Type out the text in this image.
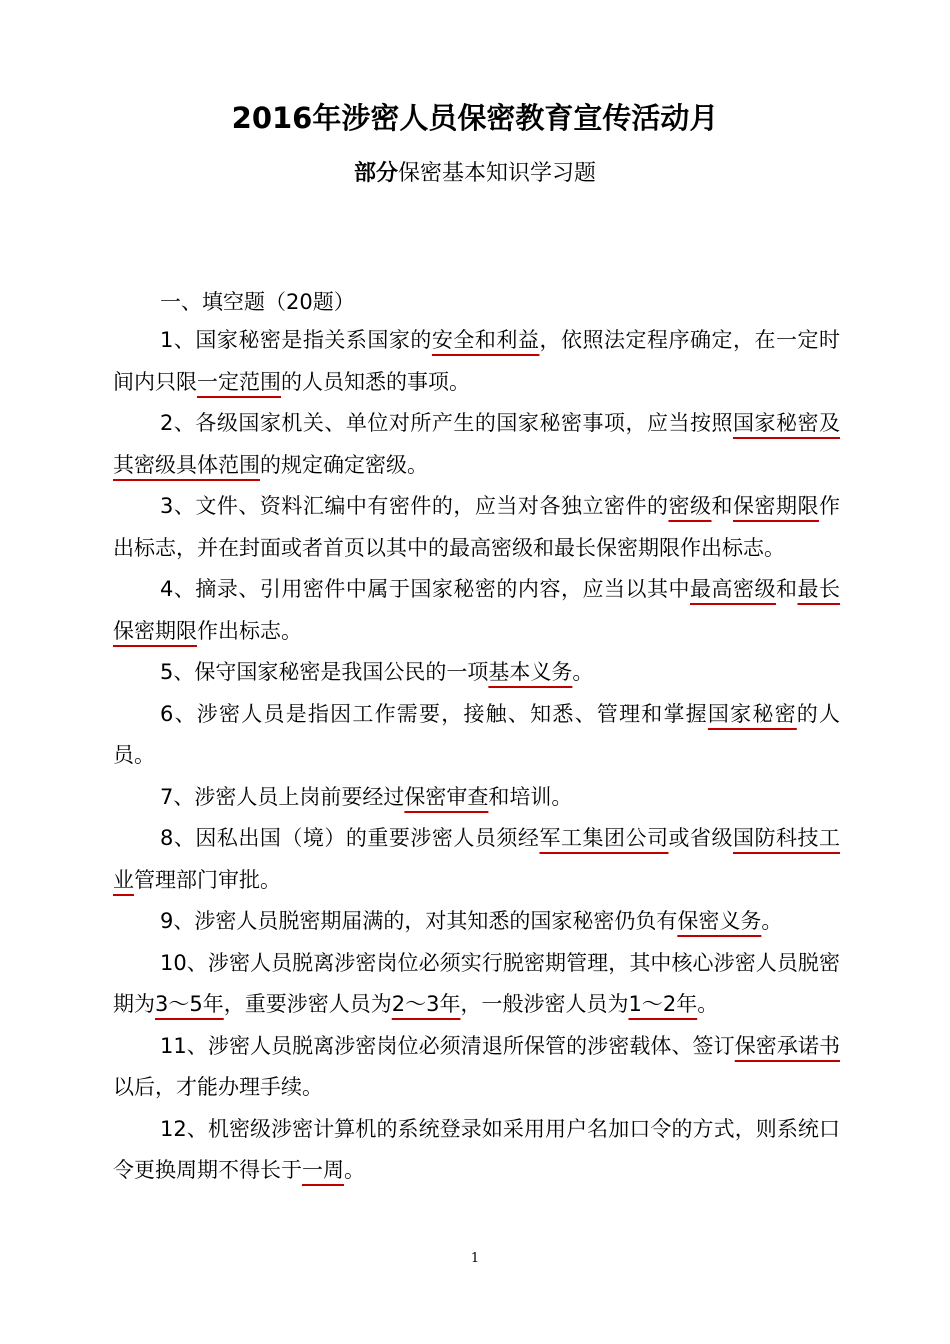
2016年涉密人员保密教育宣传活动月
部分保密基本知识学习题
一、填空题（20题）

1、国家秘密是指关系国家的安全和利益，依照法定程序确定，在一定时间内只限一定范围的人员知悉的事项。

2、各级国家机关、单位对所产生的国家秘密事项，应当按照国家秘密及其密级具体范围的规定确定密级。

3、文件、资料汇编中有密件的，应当对各独立密件的密级和保密期限作出标志，并在封面或者首页以其中的最高密级和最长保密期限作出标志。

4、摘录、引用密件中属于国家秘密的内容，应当以其中最高密级和最长保密期限作出标志。

5、保守国家秘密是我国公民的一项基本义务。

6、涉密人员是指因工作需要，接触、知悉、管理和掌握国家秘密的人员。

7、涉密人员上岗前要经过保密审查和培训。

8、因私出国（境）的重要涉密人员须经军工集团公司或省级国防科技工业管理部门审批。

9、涉密人员脱密期届满的，对其知悉的国家秘密仍负有保密义务。

10、涉密人员脱离涉密岗位必须实行脱密期管理，其中核心涉密人员脱密期为3～5年，重要涉密人员为2～3年，一般涉密人员为1～2年。

11、涉密人员脱离涉密岗位必须清退所保管的涉密载体、签订保密承诺书以后，才能办理手续。

12、机密级涉密计算机的系统登录如采用用户名加口令的方式，则系统口令更换周期不得长于一周。

1
